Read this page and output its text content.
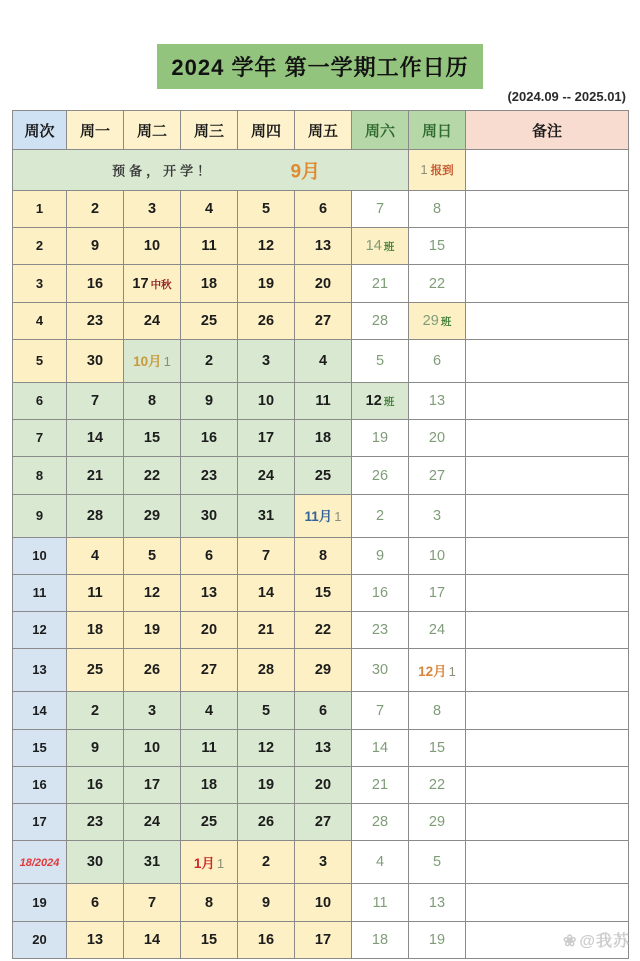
2024 学年 第一学期工作日历
(2024.09 -- 2025.01)
周次	周一	周二	周三	周四	周五	周六	周日	备注

预备，开学！ 9月							1 报到	
1	2	3	4	5	6	7	8	
2	9	10	11	12	13	14 班	15	
3	16	17 中秋	18	19	20	21	22	
4	23	24	25	26	27	28	29 班	
5	30	10月 1	2	3	4	5	6	
6	7	8	9	10	11	12 班	13	
7	14	15	16	17	18	19	20	
8	21	22	23	24	25	26	27	
9	28	29	30	31	11月 1	2	3	
10	4	5	6	7	8	9	10	
11	11	12	13	14	15	16	17	
12	18	19	20	21	22	23	24	
13	25	26	27	28	29	30	12月 1	
14	2	3	4	5	6	7	8	
15	9	10	11	12	13	14	15	
16	16	17	18	19	20	21	22	
17	23	24	25	26	27	28	29	
18/2024	30	31	1月 1	2	3	4	5	
19	6	7	8	9	10	11	13	
20	13	14	15	16	17	18	19		❀ @我苏
